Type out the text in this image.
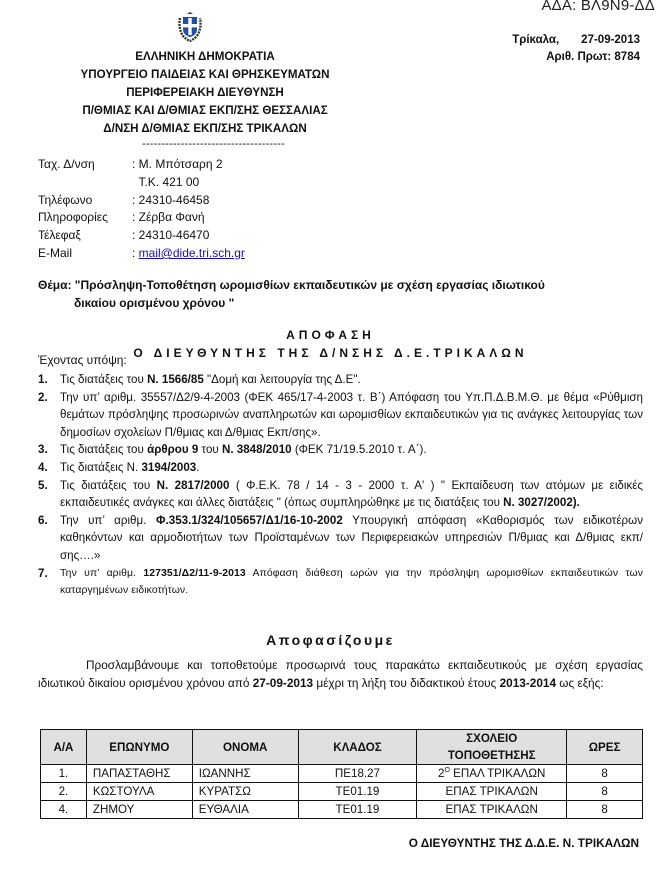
ΑΔΑ: ΒΛ9Ν9-ΔΔ
ΕΛΛΗΝΙΚΗ ΔΗΜΟΚΡΑΤΙΑ
ΥΠΟΥΡΓΕΙΟ ΠΑΙΔΕΙΑΣ ΚΑΙ ΘΡΗΣΚΕΥΜΑΤΩΝ
ΠΕΡΙΦΕΡΕΙΑΚΗ ΔΙΕΥΘΥΝΣΗ
Π/ΘΜΙΑΣ ΚΑΙ Δ/ΘΜΙΑΣ ΕΚΠ/ΣΗΣ ΘΕΣΣΑΛΙΑΣ
Δ/ΝΣΗ Δ/ΘΜΙΑΣ ΕΚΠ/ΣΗΣ ΤΡΙΚΑΛΩΝ
-------------------------------------
Τρίκαλα, 27-09-2013
Αριθ. Πρωτ: 8784
Ταχ. Δ/νση	: Μ. Μπότσαρη 2
Τ.Κ. 421 00
Τηλέφωνο	: 24310-46458
Πληροφορίες	: Ζέρβα Φανή
Τέλεφαξ	: 24310-46470
E-Mail	: mail@dide.tri.sch.gr
Θέμα: "Πρόσληψη-Τοποθέτηση ωρομισθίων εκπαιδευτικών με σχέση εργασίας ιδιωτικού
δικαίου ορισμένου χρόνου "
ΑΠΟΦΑΣΗ
Ο ΔΙΕΥΘΥΝΤΗΣ ΤΗΣ Δ/ΝΣΗΣ Δ.Ε.ΤΡΙΚΑΛΩΝ
Έχοντας υπόψη:
1.	Τις διατάξεις του Ν. 1566/85 "Δομή και λειτουργία της Δ.Ε".
2.	Την υπ’ αριθμ. 35557/Δ2/9-4-2003 (ΦΕΚ 465/17-4-2003 τ. Β΄) Απόφαση του Υπ.Π.Δ.Β.Μ.Θ. με θέμα «Ρύθμιση θεμάτων πρόσληψης προσωρινών αναπληρωτών και ωρομισθίων εκπαιδευτικών για τις ανάγκες λειτουργίας των δημοσίων σχολείων Π/θμιας και Δ/θμιας Εκπ/σης».
3.	Τις διατάξεις του άρθρου 9 του Ν. 3848/2010 (ΦΕΚ 71/19.5.2010 τ. Α΄).
4.	Τις διατάξεις Ν. 3194/2003.
5.	Τις διατάξεις του Ν. 2817/2000 ( Φ.Ε.Κ. 78 / 14 - 3 - 2000 τ. Α' ) " Εκπαίδευση των ατόμων με ειδικές εκπαιδευτικές ανάγκες και άλλες διατάξεις " (όπως συμπληρώθηκε με τις διατάξεις του Ν. 3027/2002).
6.	Την υπ’ αριθμ. Φ.353.1/324/105657/Δ1/16-10-2002 Υπουργική απόφαση «Καθορισμός των ειδικοτέρων καθηκόντων και αρμοδιοτήτων των Προϊσταμένων των Περιφερειακών υπηρεσιών Π/θμιας και Δ/θμιας εκπ/σης….»
7.	Την υπ’ αριθμ. 127351/Δ2/11-9-2013 Απόφαση διάθεση ωρών για την πρόσληψη ωρομισθίων εκπαιδευτικών των καταργημένων ειδικοτήτων.
Αποφασίζουμε
Προσλαμβάνουμε και τοποθετούμε προσωρινά τους παρακάτω εκπαιδευτικούς με σχέση εργασίας ιδιωτικού δικαίου ορισμένου χρόνου από 27-09-2013 μέχρι τη λήξη του διδακτικού έτους 2013-2014 ως εξής:
Α/Α	ΕΠΩΝΥΜΟ	ΟΝΟΜΑ	ΚΛΑΔΟΣ	ΣΧΟΛΕΙΟ ΤΟΠΟΘΕΤΗΣΗΣ	ΩΡΕΣ
1.	ΠΑΠΑΣΤΑΘΗΣ	ΙΩΑΝΝΗΣ	ΠΕ18.27	$2^O$ ΕΠΑΛ ΤΡΙΚΑΛΩΝ	8
2.	ΚΩΣΤΟΥΛΑ	ΚΥΡΑΤΣΩ	ΤΕ01.19	ΕΠΑΣ ΤΡΙΚΑΛΩΝ	8
4.	ΖΗΜΟΥ	ΕΥΘΑΛΙΑ	ΤΕ01.19	ΕΠΑΣ ΤΡΙΚΑΛΩΝ	8
Ο ΔΙΕΥΘΥΝΤΗΣ ΤΗΣ Δ.Δ.Ε. Ν. ΤΡΙΚΑΛΩΝ
